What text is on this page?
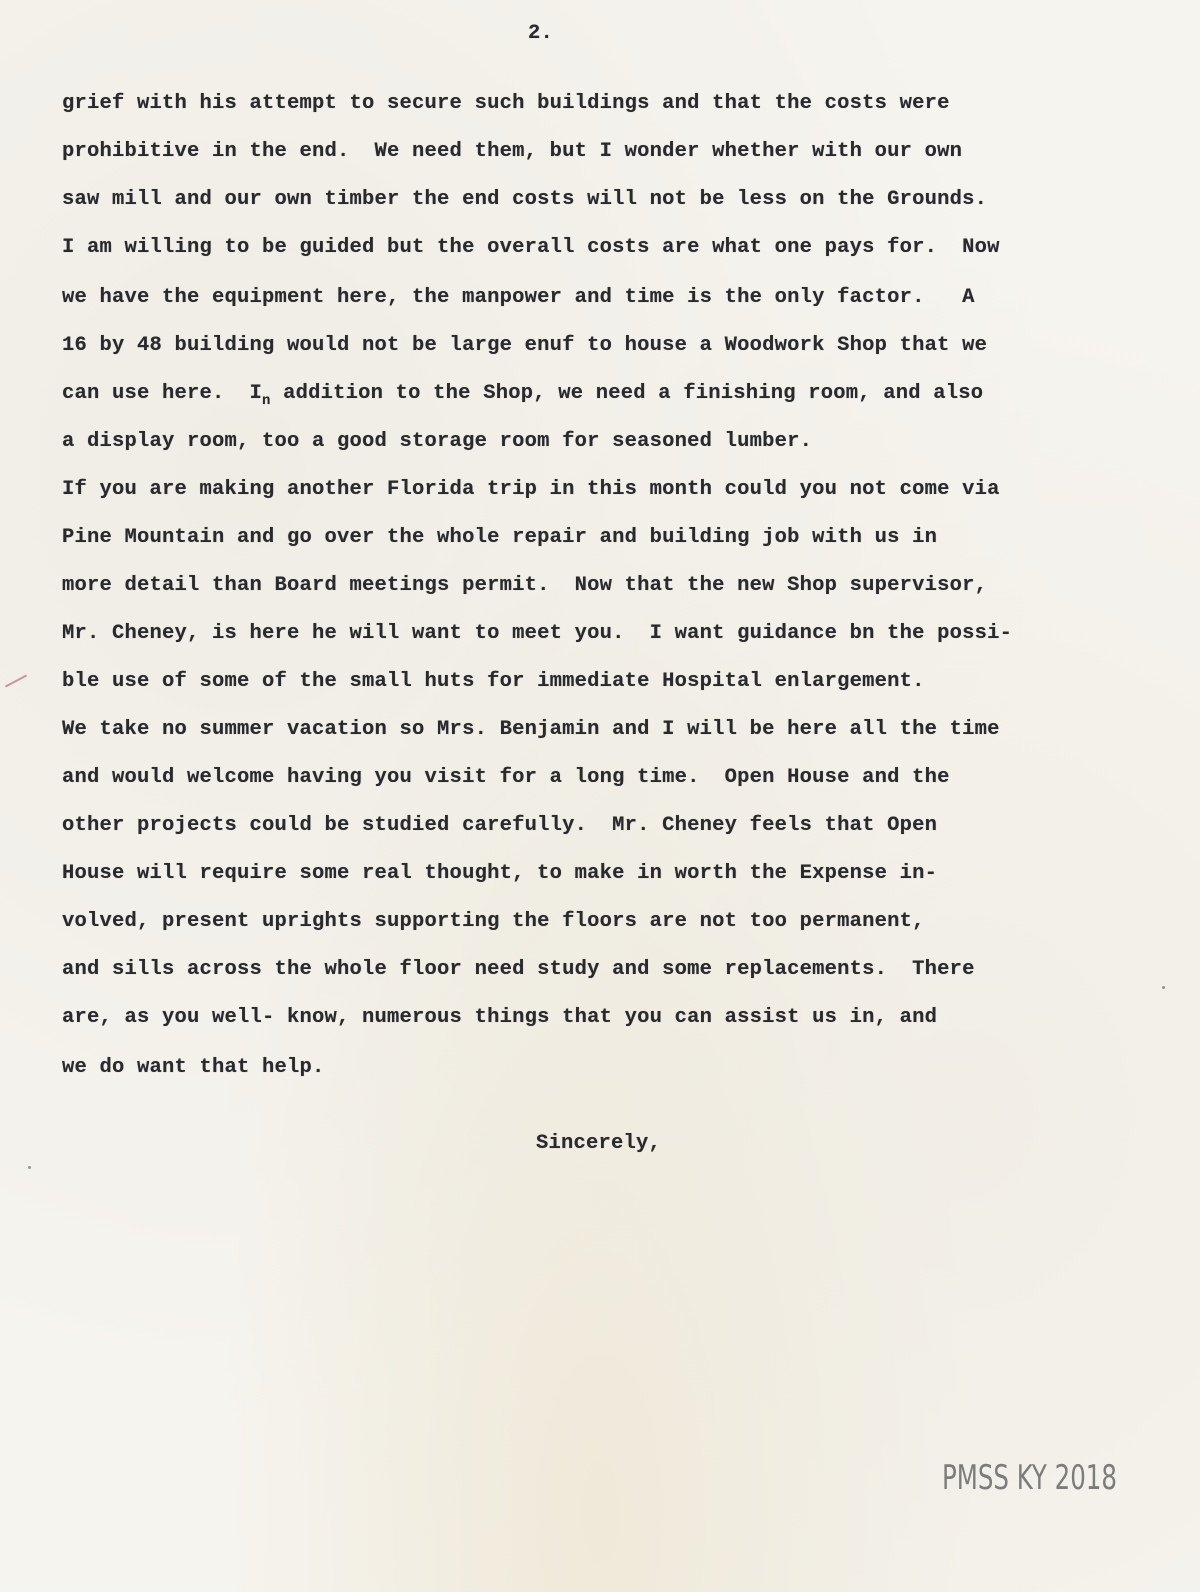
2.
grief with his attempt to secure such buildings and that the costs were
prohibitive in the end.  We need them, but I wonder whether with our own
saw mill and our own timber the end costs will not be less on the Grounds.
I am willing to be guided but the overall costs are what one pays for.  Now
we have the equipment here, the manpower and time is the only factor.   A
16 by 48 building would not be large enuf to house a Woodwork Shop that we
can use here.  $I_n$ addition to the Shop, we need a finishing room, and also
a display room, too a good storage room for seasoned lumber.
If you are making another Florida trip in this month could you not come via
Pine Mountain and go over the whole repair and building job with us in
more detail than Board meetings permit.  Now that the new Shop supervisor,
Mr. Cheney, is here he will want to meet you.  I want guidance bn the possi-
ble use of some of the small huts for immediate Hospital enlargement.
We take no summer vacation so Mrs. Benjamin and I will be here all the time
and would welcome having you visit for a long time.  Open House and the
other projects could be studied carefully.  Mr. Cheney feels that Open
House will require some real thought, to make in worth the Expense in-
volved, present uprights supporting the floors are not too permanent,
and sills across the whole floor need study and some replacements.  There
are, as you well- know, numerous things that you can assist us in, and
we do want that help.
Sincerely,
PMSS KY 2018
